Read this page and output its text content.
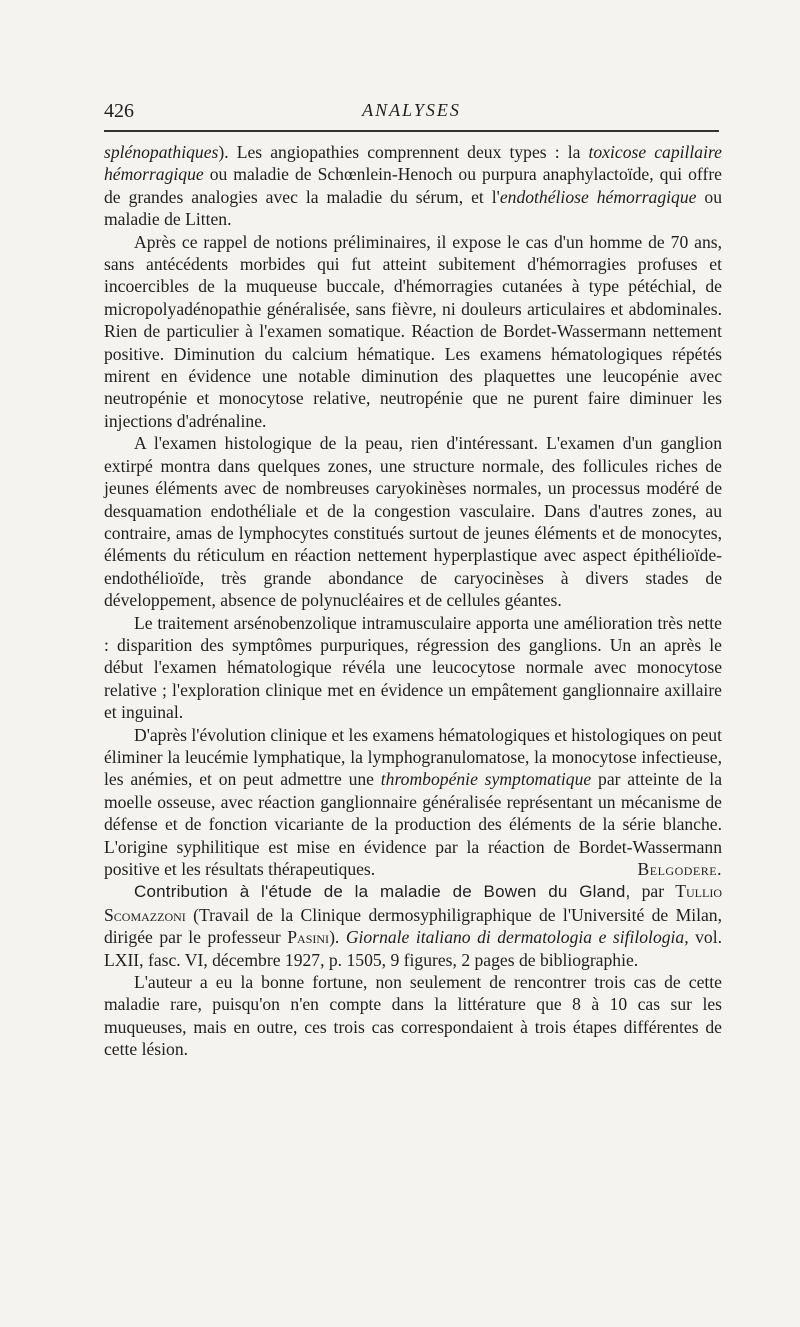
426	ANALYSES

splénopathiques). Les angiopathies comprennent deux types : la toxicose capillaire hémorragique ou maladie de Schœnlein-Henoch ou purpura anaphylactoïde, qui offre de grandes analogies avec la maladie du sérum, et l'endothéliose hémorragique ou maladie de Litten.

Après ce rappel de notions préliminaires, il expose le cas d'un homme de 70 ans, sans antécédents morbides qui fut atteint subitement d'hémorragies profuses et incoercibles de la muqueuse buccale, d'hémorragies cutanées à type pétéchial, de micropolyadénopathie généralisée, sans fièvre, ni douleurs articulaires et abdominales. Rien de particulier à l'examen somatique. Réaction de Bordet-Wassermann nettement positive. Diminution du calcium hématique. Les examens hématologiques répétés mirent en évidence une notable diminution des plaquettes une leucopénie avec neutropénie et monocytose relative, neutropénie que ne purent faire diminuer les injections d'adrénaline.

A l'examen histologique de la peau, rien d'intéressant. L'examen d'un ganglion extirpé montra dans quelques zones, une structure normale, des follicules riches de jeunes éléments avec de nombreuses caryokinèses normales, un processus modéré de desquamation endothéliale et de la congestion vasculaire. Dans d'autres zones, au contraire, amas de lymphocytes constitués surtout de jeunes éléments et de monocytes, éléments du réticulum en réaction nettement hyperplastique avec aspect épithélioïde-endothélioïde, très grande abondance de caryocinèses à divers stades de développement, absence de polynucléaires et de cellules géantes.

Le traitement arsénobenzolique intramusculaire apporta une amélioration très nette : disparition des symptômes purpuriques, régression des ganglions. Un an après le début l'examen hématologique révéla une leucocytose normale avec monocytose relative ; l'exploration clinique met en évidence un empâtement ganglionnaire axillaire et inguinal.

D'après l'évolution clinique et les examens hématologiques et histologiques on peut éliminer la leucémie lymphatique, la lymphogranulomatose, la monocytose infectieuse, les anémies, et on peut admettre une thrombopénie symptomatique par atteinte de la moelle osseuse, avec réaction ganglionnaire généralisée représentant un mécanisme de défense et de fonction vicariante de la production des éléments de la série blanche. L'origine syphilitique est mise en évidence par la réaction de Bordet-Wassermann positive et les résultats thérapeutiques.	Belgodere.

Contribution à l'étude de la maladie de Bowen du Gland, par Tullio Scomazzoni (Travail de la Clinique dermosyphiligraphique de l'Université de Milan, dirigée par le professeur Pasini). Giornale italiano di dermatologia e sifilologia, vol. LXII, fasc. VI, décembre 1927, p. 1505, 9 figures, 2 pages de bibliographie.

L'auteur a eu la bonne fortune, non seulement de rencontrer trois cas de cette maladie rare, puisqu'on n'en compte dans la littérature que 8 à 10 cas sur les muqueuses, mais en outre, ces trois cas correspondaient à trois étapes différentes de cette lésion.
